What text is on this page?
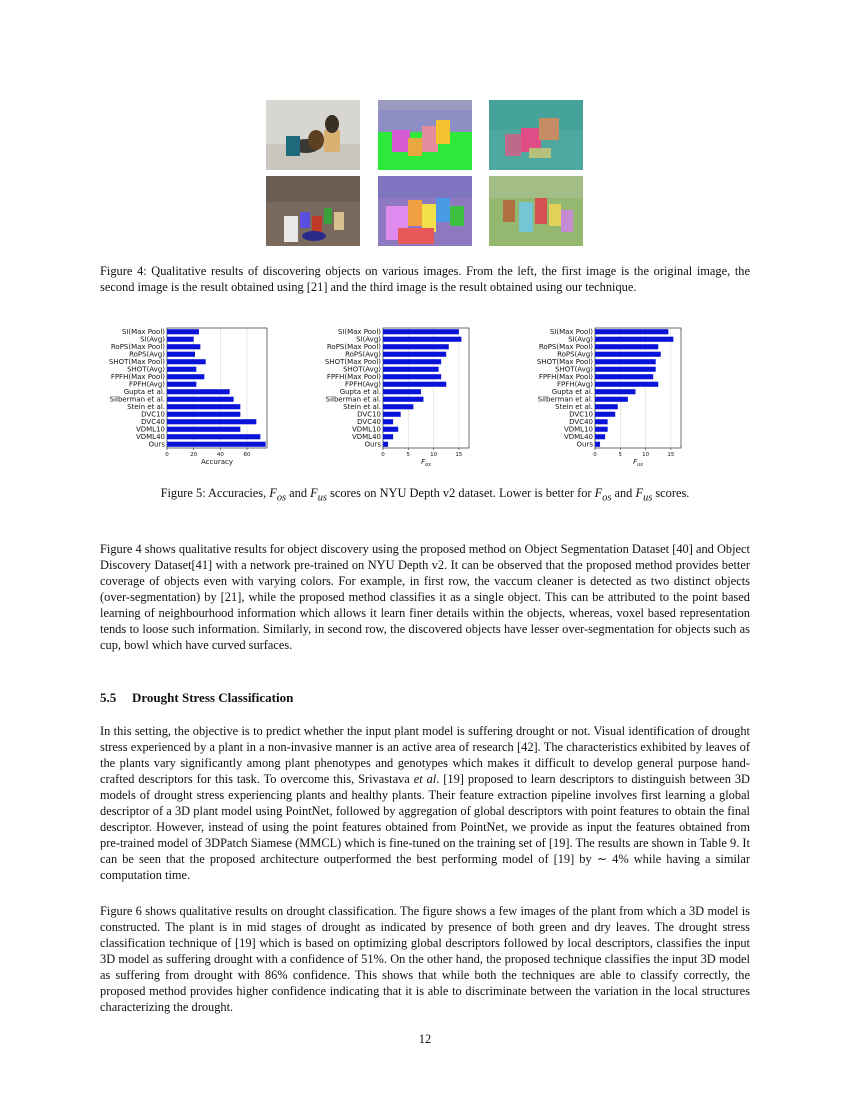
Figure 4: Qualitative results of discovering objects on various images. From the left, the first image is the original image, the second image is the result obtained using [21] and the third image is the result obtained using our technique.
SI(Max Pool)
SI(Avg)
RoPS(Max Pool)
RoPS(Avg)
SHOT(Max Pool)
SHOT(Avg)
FPFH(Max Pool)
FPFH(Avg)
Gupta et al.
Silberman et al.
Stein et al.
DVC10
DVC40
VDML10
VDML40
Ours
0	20	40	60
Accuracy
SI(Max Pool)
SI(Avg)
RoPS(Max Pool)
RoPS(Avg)
SHOT(Max Pool)
SHOT(Avg)
FPFH(Max Pool)
FPFH(Avg)
Gupta et al.
Silberman et al.
Stein et al.
DVC10
DVC40
VDML10
VDML40
Ours
0	5	10	15
$F_{os}$
SI(Max Pool)
SI(Avg)
RoPS(Max Pool)
RoPS(Avg)
SHOT(Max Pool)
SHOT(Avg)
FPFH(Max Pool)
FPFH(Avg)
Gupta et al.
Silberman et al.
Stein et al.
DVC10
DVC40
VDML10
VDML40
Ours
0	5	10	15
$F_{us}$
Figure 5: Accuracies, $F_{os}$ and $F_{us}$ scores on NYU Depth v2 dataset. Lower is better for $F_{os}$ and $F_{us}$ scores.

Figure 4 shows qualitative results for object discovery using the proposed method on Object Segmentation Dataset [40] and Object Discovery Dataset[41] with a network pre-trained on NYU Depth v2. It can be observed that the proposed method provides better coverage of objects even with varying colors. For example, in first row, the vaccum cleaner is detected as two distinct objects (over-segmentation) by [21], while the proposed method classifies it as a single object. This can be attributed to the point based learning of neighbourhood information which allows it learn finer details within the objects, whereas, voxel based representation tends to loose such information. Similarly, in second row, the discovered objects have lesser over-segmentation for objects such as cup, bowl which have curved surfaces.

5.5 Drought Stress Classification

In this setting, the objective is to predict whether the input plant model is suffering drought or not. Visual identification of drought stress experienced by a plant in a non-invasive manner is an active area of research [42]. The characteristics exhibited by leaves of the plants vary significantly among plant phenotypes and genotypes which makes it difficult to develop general purpose hand-crafted descriptors for this task. To overcome this, Srivastava et al. [19] proposed to learn descriptors to distinguish between 3D models of drought stress experiencing plants and healthy plants. Their feature extraction pipeline involves first learning a global descriptor of a 3D plant model using PointNet, followed by aggregation of global descriptors with point features to obtain the final descriptor. However, instead of using the point features obtained from PointNet, we provide as input the features obtained from pre-trained model of 3DPatch Siamese (MMCL) which is fine-tuned on the training set of [19]. The results are shown in Table 9. It can be seen that the proposed architecture outperformed the best performing model of [19] by ∼ 4% while having a similar computation time.

Figure 6 shows qualitative results on drought classification. The figure shows a few images of the plant from which a 3D model is constructed. The plant is in mid stages of drought as indicated by presence of both green and dry leaves. The drought stress classification technique of [19] which is based on optimizing global descriptors followed by local descriptors, classifies the input 3D model as suffering drought with a confidence of 51%. On the other hand, the proposed technique classifies the input 3D model as suffering from drought with 86% confidence. This shows that while both the techniques are able to classify correctly, the proposed method provides higher confidence indicating that it is able to discriminate between the variation in the local structures characterizing the drought.

12
